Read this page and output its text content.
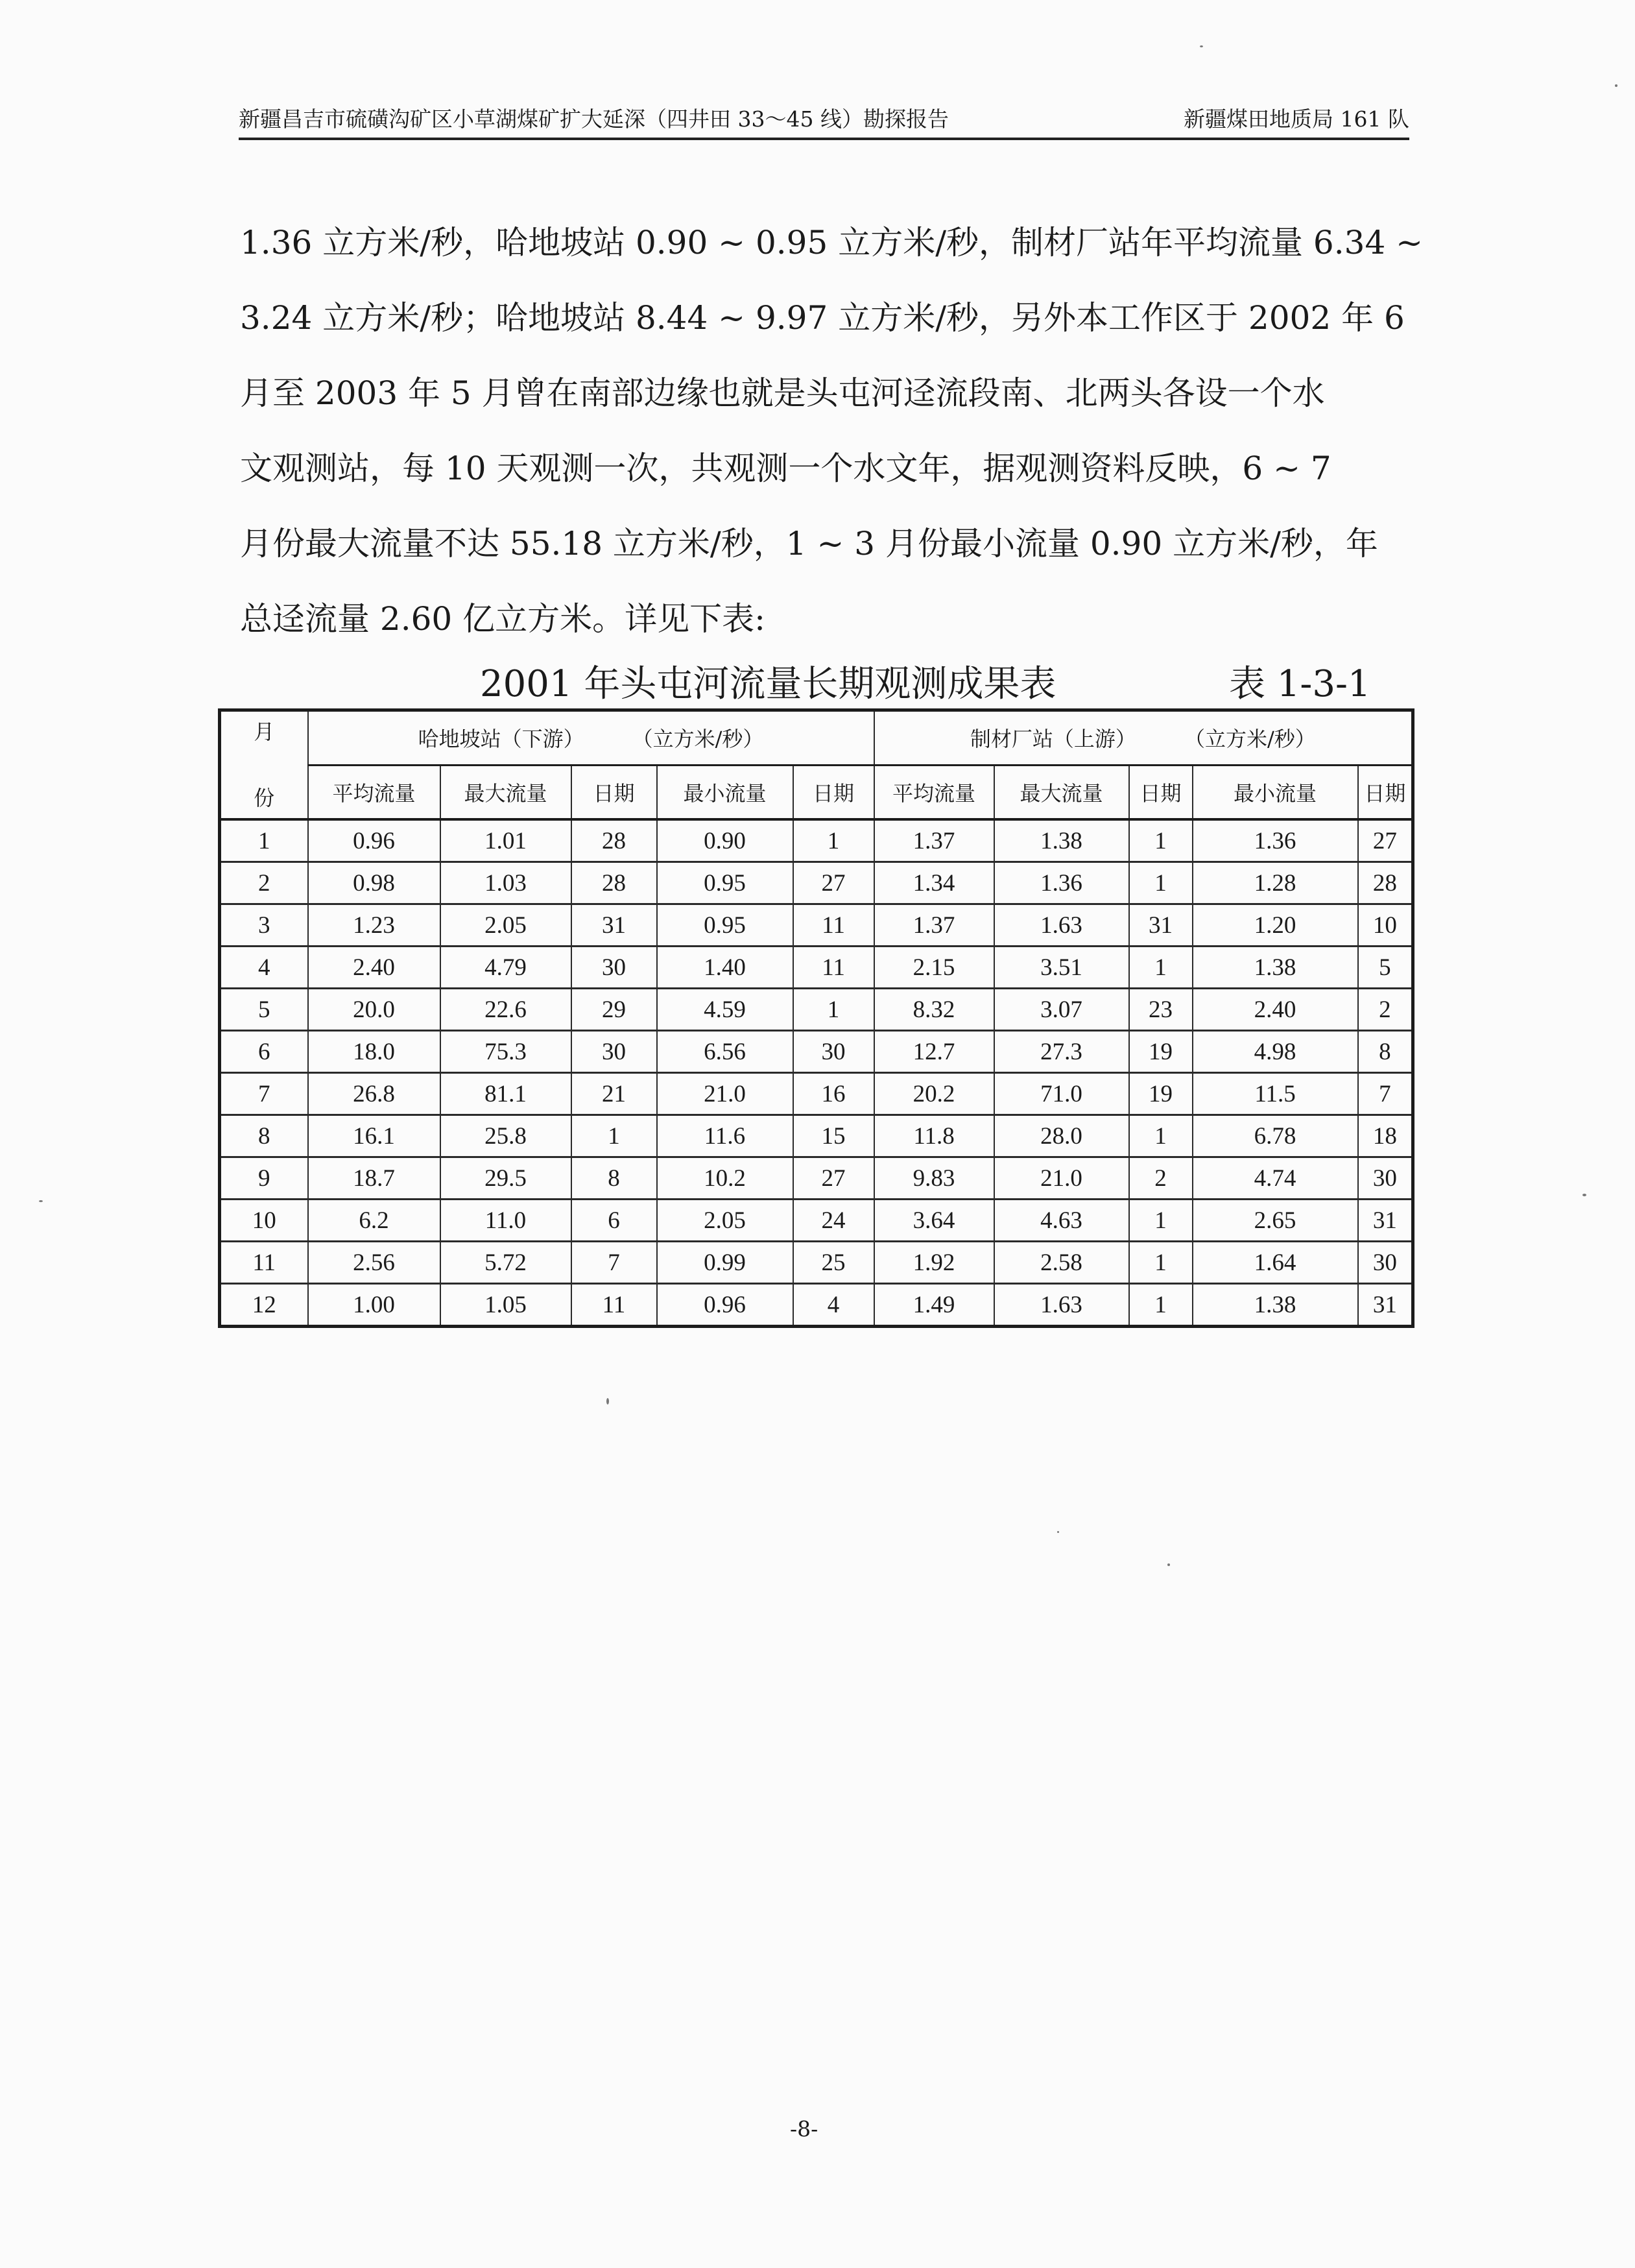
新疆昌吉市硫磺沟矿区小草湖煤矿扩大延深（四井田 33～45 线）勘探报告	新疆煤田地质局 161 队
1.36 立方米/秒，哈地坡站 0.90 ~ 0.95 立方米/秒，制材厂站年平均流量 6.34 ~
3.24 立方米/秒；哈地坡站 8.44 ~ 9.97 立方米/秒，另外本工作区于 2002 年 6
月至 2003 年 5 月曾在南部边缘也就是头屯河迳流段南、北两头各设一个水
文观测站，每 10 天观测一次，共观测一个水文年，据观测资料反映，6 ~ 7
月份最大流量不达 55.18 立方米/秒，1 ~ 3 月份最小流量 0.90 立方米/秒，年
总迳流量 2.60 亿立方米。详见下表:
2001 年头屯河流量长期观测成果表	表 1-3-1
月
份	哈地坡站（下游） （立方米/秒）					制材厂站（上游） （立方米/秒）				
	平均流量	最大流量	日期	最小流量	日期	平均流量	最大流量	日期	最小流量	日期
1	0.96	1.01	28	0.90	1	1.37	1.38	1	1.36	27
2	0.98	1.03	28	0.95	27	1.34	1.36	1	1.28	28
3	1.23	2.05	31	0.95	11	1.37	1.63	31	1.20	10
4	2.40	4.79	30	1.40	11	2.15	3.51	1	1.38	5
5	20.0	22.6	29	4.59	1	8.32	3.07	23	2.40	2
6	18.0	75.3	30	6.56	30	12.7	27.3	19	4.98	8
7	26.8	81.1	21	21.0	16	20.2	71.0	19	11.5	7
8	16.1	25.8	1	11.6	15	11.8	28.0	1	6.78	18
9	18.7	29.5	8	10.2	27	9.83	21.0	2	4.74	30
10	6.2	11.0	6	2.05	24	3.64	4.63	1	2.65	31
11	2.56	5.72	7	0.99	25	1.92	2.58	1	1.64	30
12	1.00	1.05	11	0.96	4	1.49	1.63	1	1.38	31
-8-
